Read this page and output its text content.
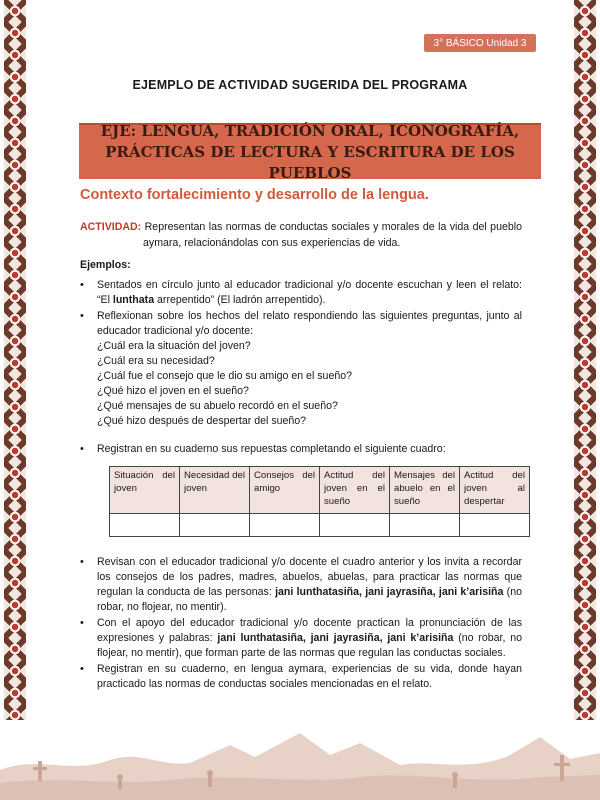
3° BÁSICO Unidad 3
EJEMPLO DE ACTIVIDAD SUGERIDA DEL PROGRAMA
EJE: LENGUA, TRADICIÓN ORAL, ICONOGRAFÍA,
PRÁCTICAS DE LECTURA Y ESCRITURA DE LOS PUEBLOS
Contexto fortalecimiento y desarrollo de la lengua.
ACTIVIDAD: Representan las normas de conductas sociales y morales de la vida del pueblo
aymara, relacionándolas con sus experiencias de vida.
Ejemplos:
• Sentados en círculo junto al educador tradicional y/o docente escuchan y leen el relato: “El lunthata arrepentido” (El ladrón arrepentido).
• Reflexionan sobre los hechos del relato respondiendo las siguientes preguntas, junto al educador tradicional y/o docente:
¿Cuál era la situación del joven?
¿Cuál era su necesidad?
¿Cuál fue el consejo que le dio su amigo en el sueño?
¿Qué hizo el joven en el sueño?
¿Qué mensajes de su abuelo recordó en el sueño?
¿Qué hizo después de despertar del sueño?
• Registran en su cuaderno sus repuestas completando el siguiente cuadro:
Situación del joven	Necesidad del joven	Consejos del amigo	Actitud del joven en el sueño	Mensajes del abuelo en el sueño	Actitud del joven al despertar

• Revisan con el educador tradicional y/o docente el cuadro anterior y los invita a recordar los consejos de los padres, madres, abuelos, abuelas, para practicar las normas que regulan la conducta de las personas: jani lunthatasiña, jani jayrasiña, jani k’arisiña (no robar, no flojear, no mentir).
• Con el apoyo del educador tradicional y/o docente practican la pronunciación de las expresiones y palabras: jani lunthatasiña, jani jayrasiña, jani k’arisiña (no robar, no flojear, no mentir), que forman parte de las normas que regulan las conductas sociales.
• Registran en su cuaderno, en lengua aymara, experiencias de su vida, donde hayan practicado las normas de conductas sociales mencionadas en el relato.
